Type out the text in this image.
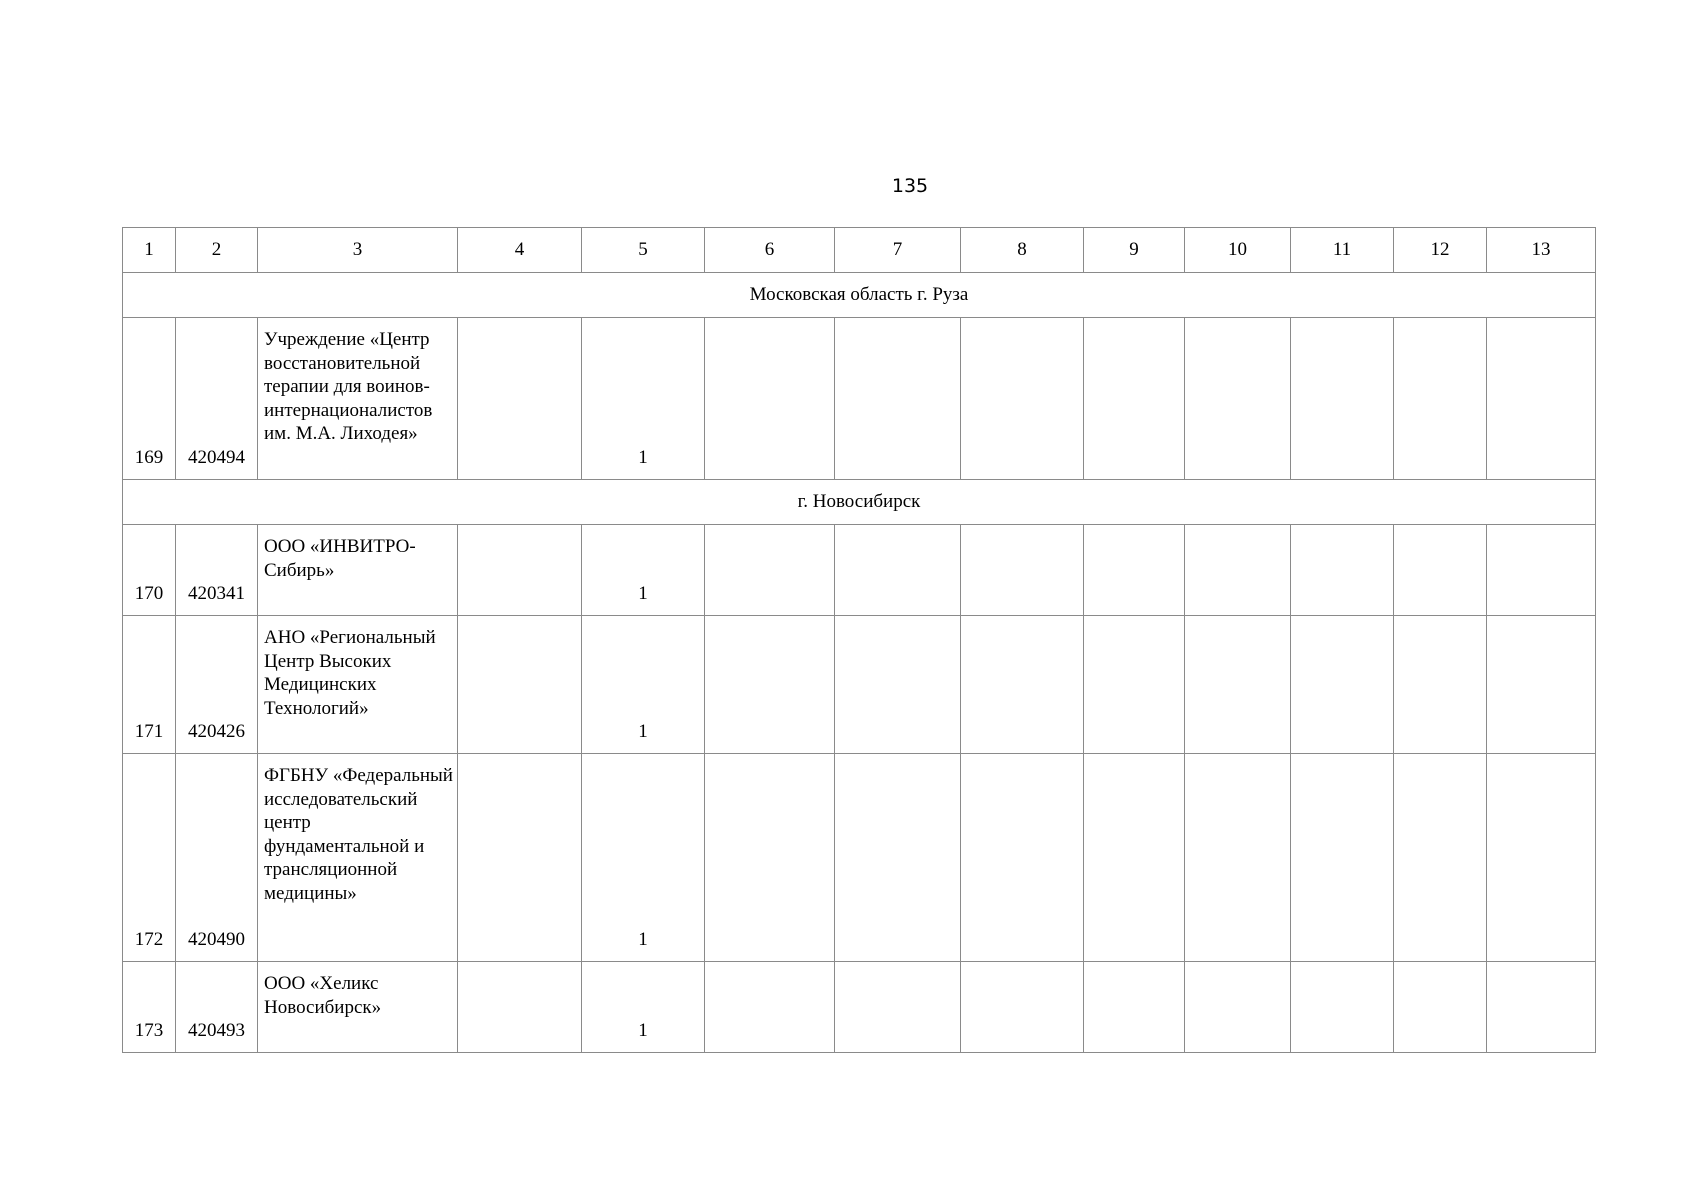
135
1	2	3	4	5	6	7	8	9	10	11	12	13
Московская область г. Руза												
169	420494	Учреждение «Центр восстановительной терапии для воинов-интернационалистов им. М.А. Лиходея»		1								
г. Новосибирск												
170	420341	ООО «ИНВИТРО-Сибирь»		1								
171	420426	АНО «Региональный Центр Высоких Медицинских Технологий»		1								
172	420490	ФГБНУ «Федеральный исследовательский центр фундаментальной и трансляционной медицины»		1								
173	420493	ООО «Хеликс Новосибирск»		1								
